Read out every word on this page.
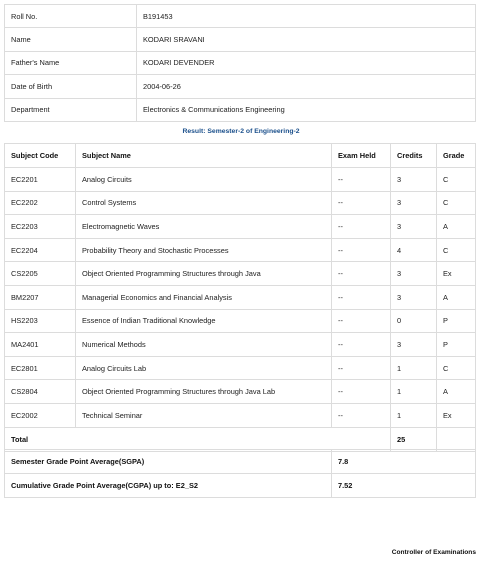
Roll No.	B191453
Name	KODARI SRAVANI
Father's Name	KODARI DEVENDER
Date of Birth	2004-06-26
Department	Electronics & Communications Engineering
Result: Semester-2 of Engineering-2
Subject Code	Subject Name	Exam Held	Credits	Grade
EC2201	Analog Circuits	--	3	C
EC2202	Control Systems	--	3	C
EC2203	Electromagnetic Waves	--	3	A
EC2204	Probability Theory and Stochastic Processes	--	4	C
CS2205	Object Oriented Programming Structures through Java	--	3	Ex
BM2207	Managerial Economics and Financial Analysis	--	3	A
HS2203	Essence of Indian Traditional Knowledge	--	0	P
MA2401	Numerical Methods	--	3	P
EC2801	Analog Circuits Lab	--	1	C
CS2804	Object Oriented Programming Structures through Java Lab	--	1	A
EC2002	Technical Seminar	--	1	Ex
Total			25	
Semester Grade Point Average(SGPA)	7.8
Cumulative Grade Point Average(CGPA) up to: E2_S2	7.52
Controller of Examinations
